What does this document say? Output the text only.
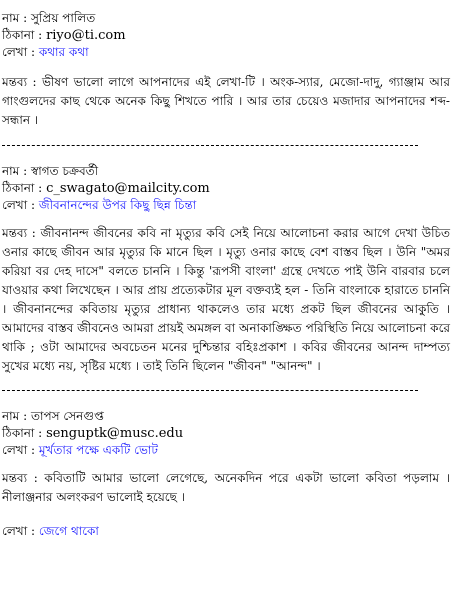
নাম : সুপ্রিয় পালিত
ঠিকানা : riyo@ti.com
লেখা : কথার কথা

মন্তব্য : ভীষণ ভালো লাগে আপনাদের এই লেখা-টি । অংক-স্যার, মেজো-দাদু, গ্যাঞ্জাম আর গাংগুলদের কাছ থেকে অনেক কিছু শিখতে পারি । আর তার চেয়েও মজাদার আপনাদের শব্দ-সন্ধান ।

নাম : স্বাগত চক্রবর্তী
ঠিকানা : c_swagato@mailcity.com
লেখা : জীবনানন্দের উপর কিছু ছিন্ন চিন্তা

মন্তব্য : জীবনানন্দ জীবনের কবি না মৃত্যুর কবি সেই নিয়ে আলোচনা করার আগে দেখা উচিত ওনার কাছে জীবন আর মৃত্যুর কি মানে ছিল । মৃত্যু ওনার কাছে বেশ বাস্তব ছিল । উনি "অমর করিয়া বর দেহ দাসে" বলতে চাননি । কিন্তু 'রূপসী বাংলা' গ্রন্থে দেখতে পাই উনি বারবার চলে যাওয়ার কথা লিখেছেন । আর প্রায় প্রত্যেকটার মূল বক্তব্যই হল - তিনি বাংলাকে হারাতে চাননি । জীবনানন্দের কবিতায় মৃত্যুর প্রাধান্য থাকলেও তার মধ্যে প্রকট ছিল জীবনের আকুতি । আমাদের বাস্তব জীবনেও আমরা প্রায়ই অমঙ্গল বা অনাকাঙ্ক্ষিত পরিস্থিতি নিয়ে আলোচনা করে থাকি ; ওটা আমাদের অবচেতন মনের দুশ্চিন্তার বহিঃপ্রকাশ । কবির জীবনের আনন্দ দাম্পত্য সুখের মধ্যে নয়, সৃষ্টির মধ্যে । তাই তিনি ছিলেন "জীবন" "আনন্দ" ।

নাম : তাপস সেনগুপ্ত
ঠিকানা : senguptk@musc.edu
লেখা : মূর্খতার পক্ষে একটি ভোট

মন্তব্য : কবিতাটি আমার ভালো লেগেছে, অনেকদিন পরে একটা ভালো কবিতা পড়লাম । নীলাঞ্জনার অলংকরণ ভালোই হয়েছে ।

লেখা : জেগে থাকো
